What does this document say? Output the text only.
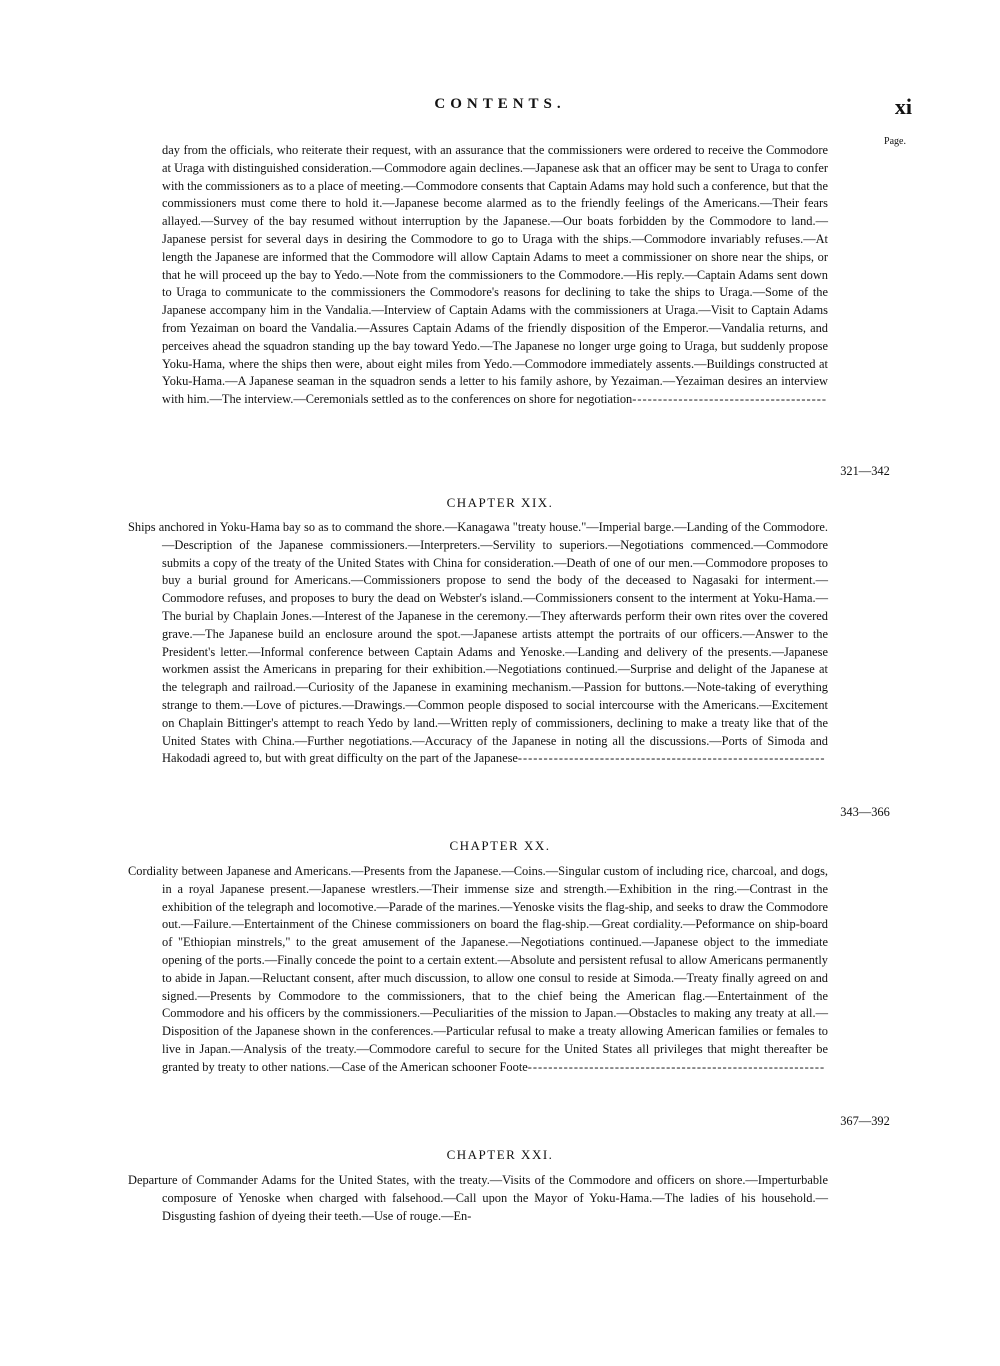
CONTENTS.	xi
Page.

day from the officials, who reiterate their request, with an assurance that the commissioners were ordered to receive the Commodore at Uraga with distinguished consideration.—Commodore again declines.—Japanese ask that an officer may be sent to Uraga to confer with the commissioners as to a place of meeting.—Commodore consents that Captain Adams may hold such a conference, but that the commissioners must come there to hold it.—Japanese become alarmed as to the friendly feelings of the Americans.—Their fears allayed.—Survey of the bay resumed without interruption by the Japanese.—Our boats forbidden by the Commodore to land.—Japanese persist for several days in desiring the Commodore to go to Uraga with the ships.—Commodore invariably refuses.—At length the Japanese are informed that the Commodore will allow Captain Adams to meet a commissioner on shore near the ships, or that he will proceed up the bay to Yedo.—Note from the commissioners to the Commodore.—His reply.—Captain Adams sent down to Uraga to communicate to the commissioners the Commodore's reasons for declining to take the ships to Uraga.—Some of the Japanese accompany him in the Vandalia.—Interview of Captain Adams with the commissioners at Uraga.—Visit to Captain Adams from Yezaiman on board the Vandalia.—Assures Captain Adams of the friendly disposition of the Emperor.—Vandalia returns, and perceives ahead the squadron standing up the bay toward Yedo.—The Japanese no longer urge going to Uraga, but suddenly propose Yoku-Hama, where the ships then were, about eight miles from Yedo.—Commodore immediately assents.—Buildings constructed at Yoku-Hama.—A Japanese seaman in the squadron sends a letter to his family ashore, by Yezaiman.—Yezaiman desires an interview with him.—The interview.—Ceremonials settled as to the conferences on shore for negotiation--------------------------------------

321—342
CHAPTER XIX.

Ships anchored in Yoku-Hama bay so as to command the shore.—Kanagawa "treaty house."—Imperial barge.—Landing of the Commodore.—Description of the Japanese commissioners.—Interpreters.—Servility to superiors.—Negotiations commenced.—Commodore submits a copy of the treaty of the United States with China for consideration.—Death of one of our men.—Commodore proposes to buy a burial ground for Americans.—Commissioners propose to send the body of the deceased to Nagasaki for interment.—Commodore refuses, and proposes to bury the dead on Webster's island.—Commissioners consent to the interment at Yoku-Hama.—The burial by Chaplain Jones.—Interest of the Japanese in the ceremony.—They afterwards perform their own rites over the covered grave.—The Japanese build an enclosure around the spot.—Japanese artists attempt the portraits of our officers.—Answer to the President's letter.—Informal conference between Captain Adams and Yenoske.—Landing and delivery of the presents.—Japanese workmen assist the Americans in preparing for their exhibition.—Negotiations continued.—Surprise and delight of the Japanese at the telegraph and railroad.—Curiosity of the Japanese in examining mechanism.—Passion for buttons.—Note-taking of everything strange to them.—Love of pictures.—Drawings.—Common people disposed to social intercourse with the Americans.—Excitement on Chaplain Bittinger's attempt to reach Yedo by land.—Written reply of commissioners, declining to make a treaty like that of the United States with China.—Further negotiations.—Accuracy of the Japanese in noting all the discussions.—Ports of Simoda and Hakodadi agreed to, but with great difficulty on the part of the Japanese------------------------------------------------------------

343—366
CHAPTER XX.

Cordiality between Japanese and Americans.—Presents from the Japanese.—Coins.—Singular custom of including rice, charcoal, and dogs, in a royal Japanese present.—Japanese wrestlers.—Their immense size and strength.—Exhibition in the ring.—Contrast in the exhibition of the telegraph and locomotive.—Parade of the marines.—Yenoske visits the flag-ship, and seeks to draw the Commodore out.—Failure.—Entertainment of the Chinese commissioners on board the flag-ship.—Great cordiality.—Peformance on ship-board of "Ethiopian minstrels," to the great amusement of the Japanese.—Negotiations continued.—Japanese object to the immediate opening of the ports.—Finally concede the point to a certain extent.—Absolute and persistent refusal to allow Americans permanently to abide in Japan.—Reluctant consent, after much discussion, to allow one consul to reside at Simoda.—Treaty finally agreed on and signed.—Presents by Commodore to the commissioners, that to the chief being the American flag.—Entertainment of the Commodore and his officers by the commissioners.—Peculiarities of the mission to Japan.—Obstacles to making any treaty at all.—Disposition of the Japanese shown in the conferences.—Particular refusal to make a treaty allowing American families or females to live in Japan.—Analysis of the treaty.—Commodore careful to secure for the United States all privileges that might thereafter be granted by treaty to other nations.—Case of the American schooner Foote----------------------------------------------------------

367—392
CHAPTER XXI.

Departure of Commander Adams for the United States, with the treaty.—Visits of the Commodore and officers on shore.—Imperturbable composure of Yenoske when charged with falsehood.—Call upon the Mayor of Yoku-Hama.—The ladies of his household.—Disgusting fashion of dyeing their teeth.—Use of rouge.—En-
